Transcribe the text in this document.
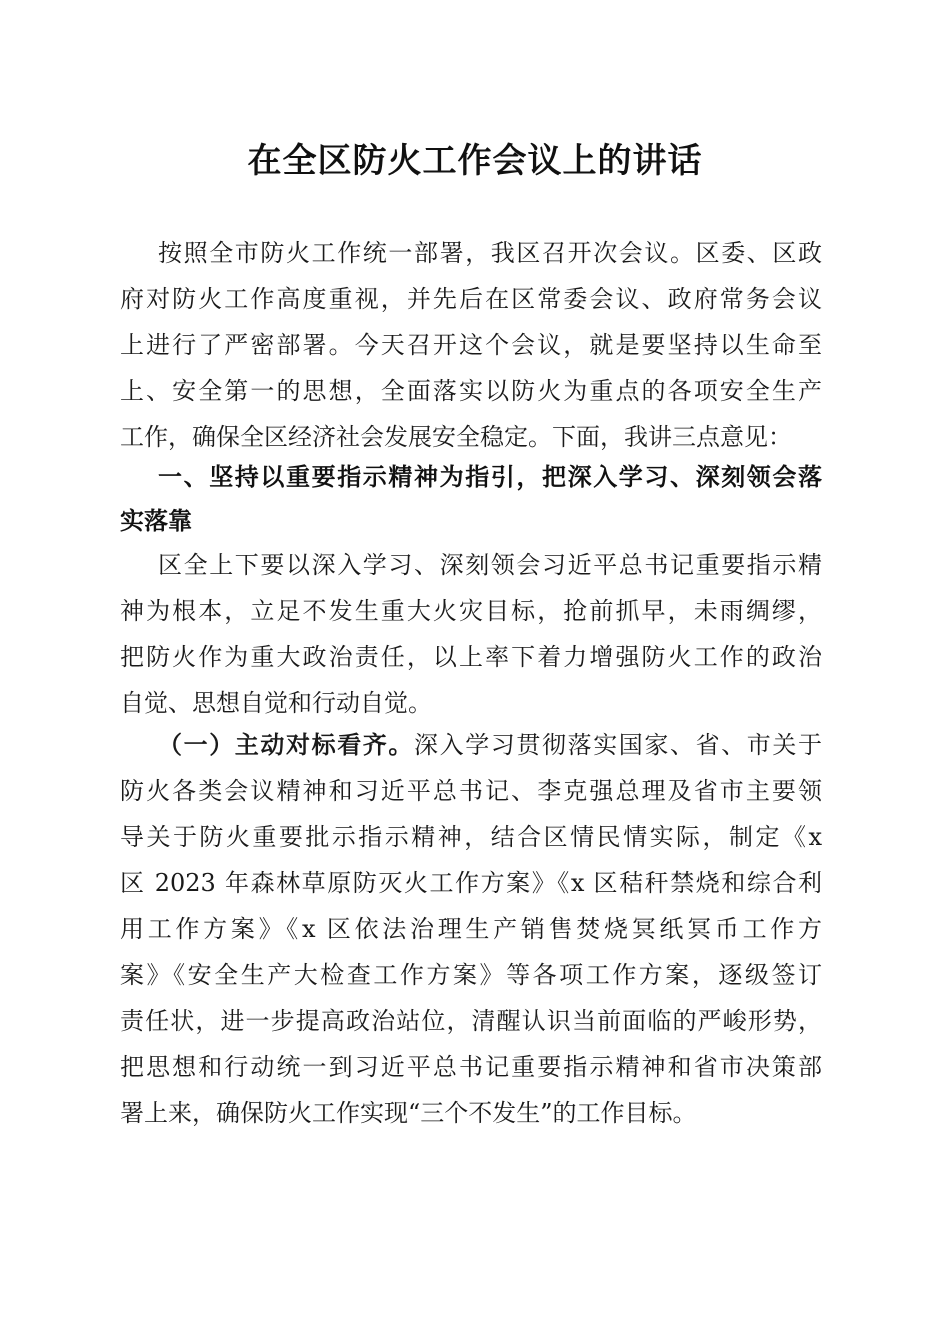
在全区防火工作会议上的讲话
按照全市防火工作统一部署，我区召开次会议。区委、区政
府对防火工作高度重视，并先后在区常委会议、政府常务会议
上进行了严密部署。今天召开这个会议，就是要坚持以生命至
上、安全第一的思想，全面落实以防火为重点的各项安全生产
工作，确保全区经济社会发展安全稳定。下面，我讲三点意见：
一、坚持以重要指示精神为指引，把深入学习、深刻领会落
实落靠
区全上下要以深入学习、深刻领会习近平总书记重要指示精
神为根本，立足不发生重大火灾目标，抢前抓早，未雨绸缪，
把防火作为重大政治责任，以上率下着力增强防火工作的政治
自觉、思想自觉和行动自觉。
（一）主动对标看齐。深入学习贯彻落实国家、省、市关于
防火各类会议精神和习近平总书记、李克强总理及省市主要领
导关于防火重要批示指示精神，结合区情民情实际，制定《x
区 2023 年森林草原防灭火工作方案》《x 区秸秆禁烧和综合利
用工作方案》《x 区依法治理生产销售焚烧冥纸冥币工作方
案》《安全生产大检查工作方案》等各项工作方案，逐级签订
责任状，进一步提高政治站位，清醒认识当前面临的严峻形势，
把思想和行动统一到习近平总书记重要指示精神和省市决策部
署上来，确保防火工作实现“三个不发生”的工作目标。
